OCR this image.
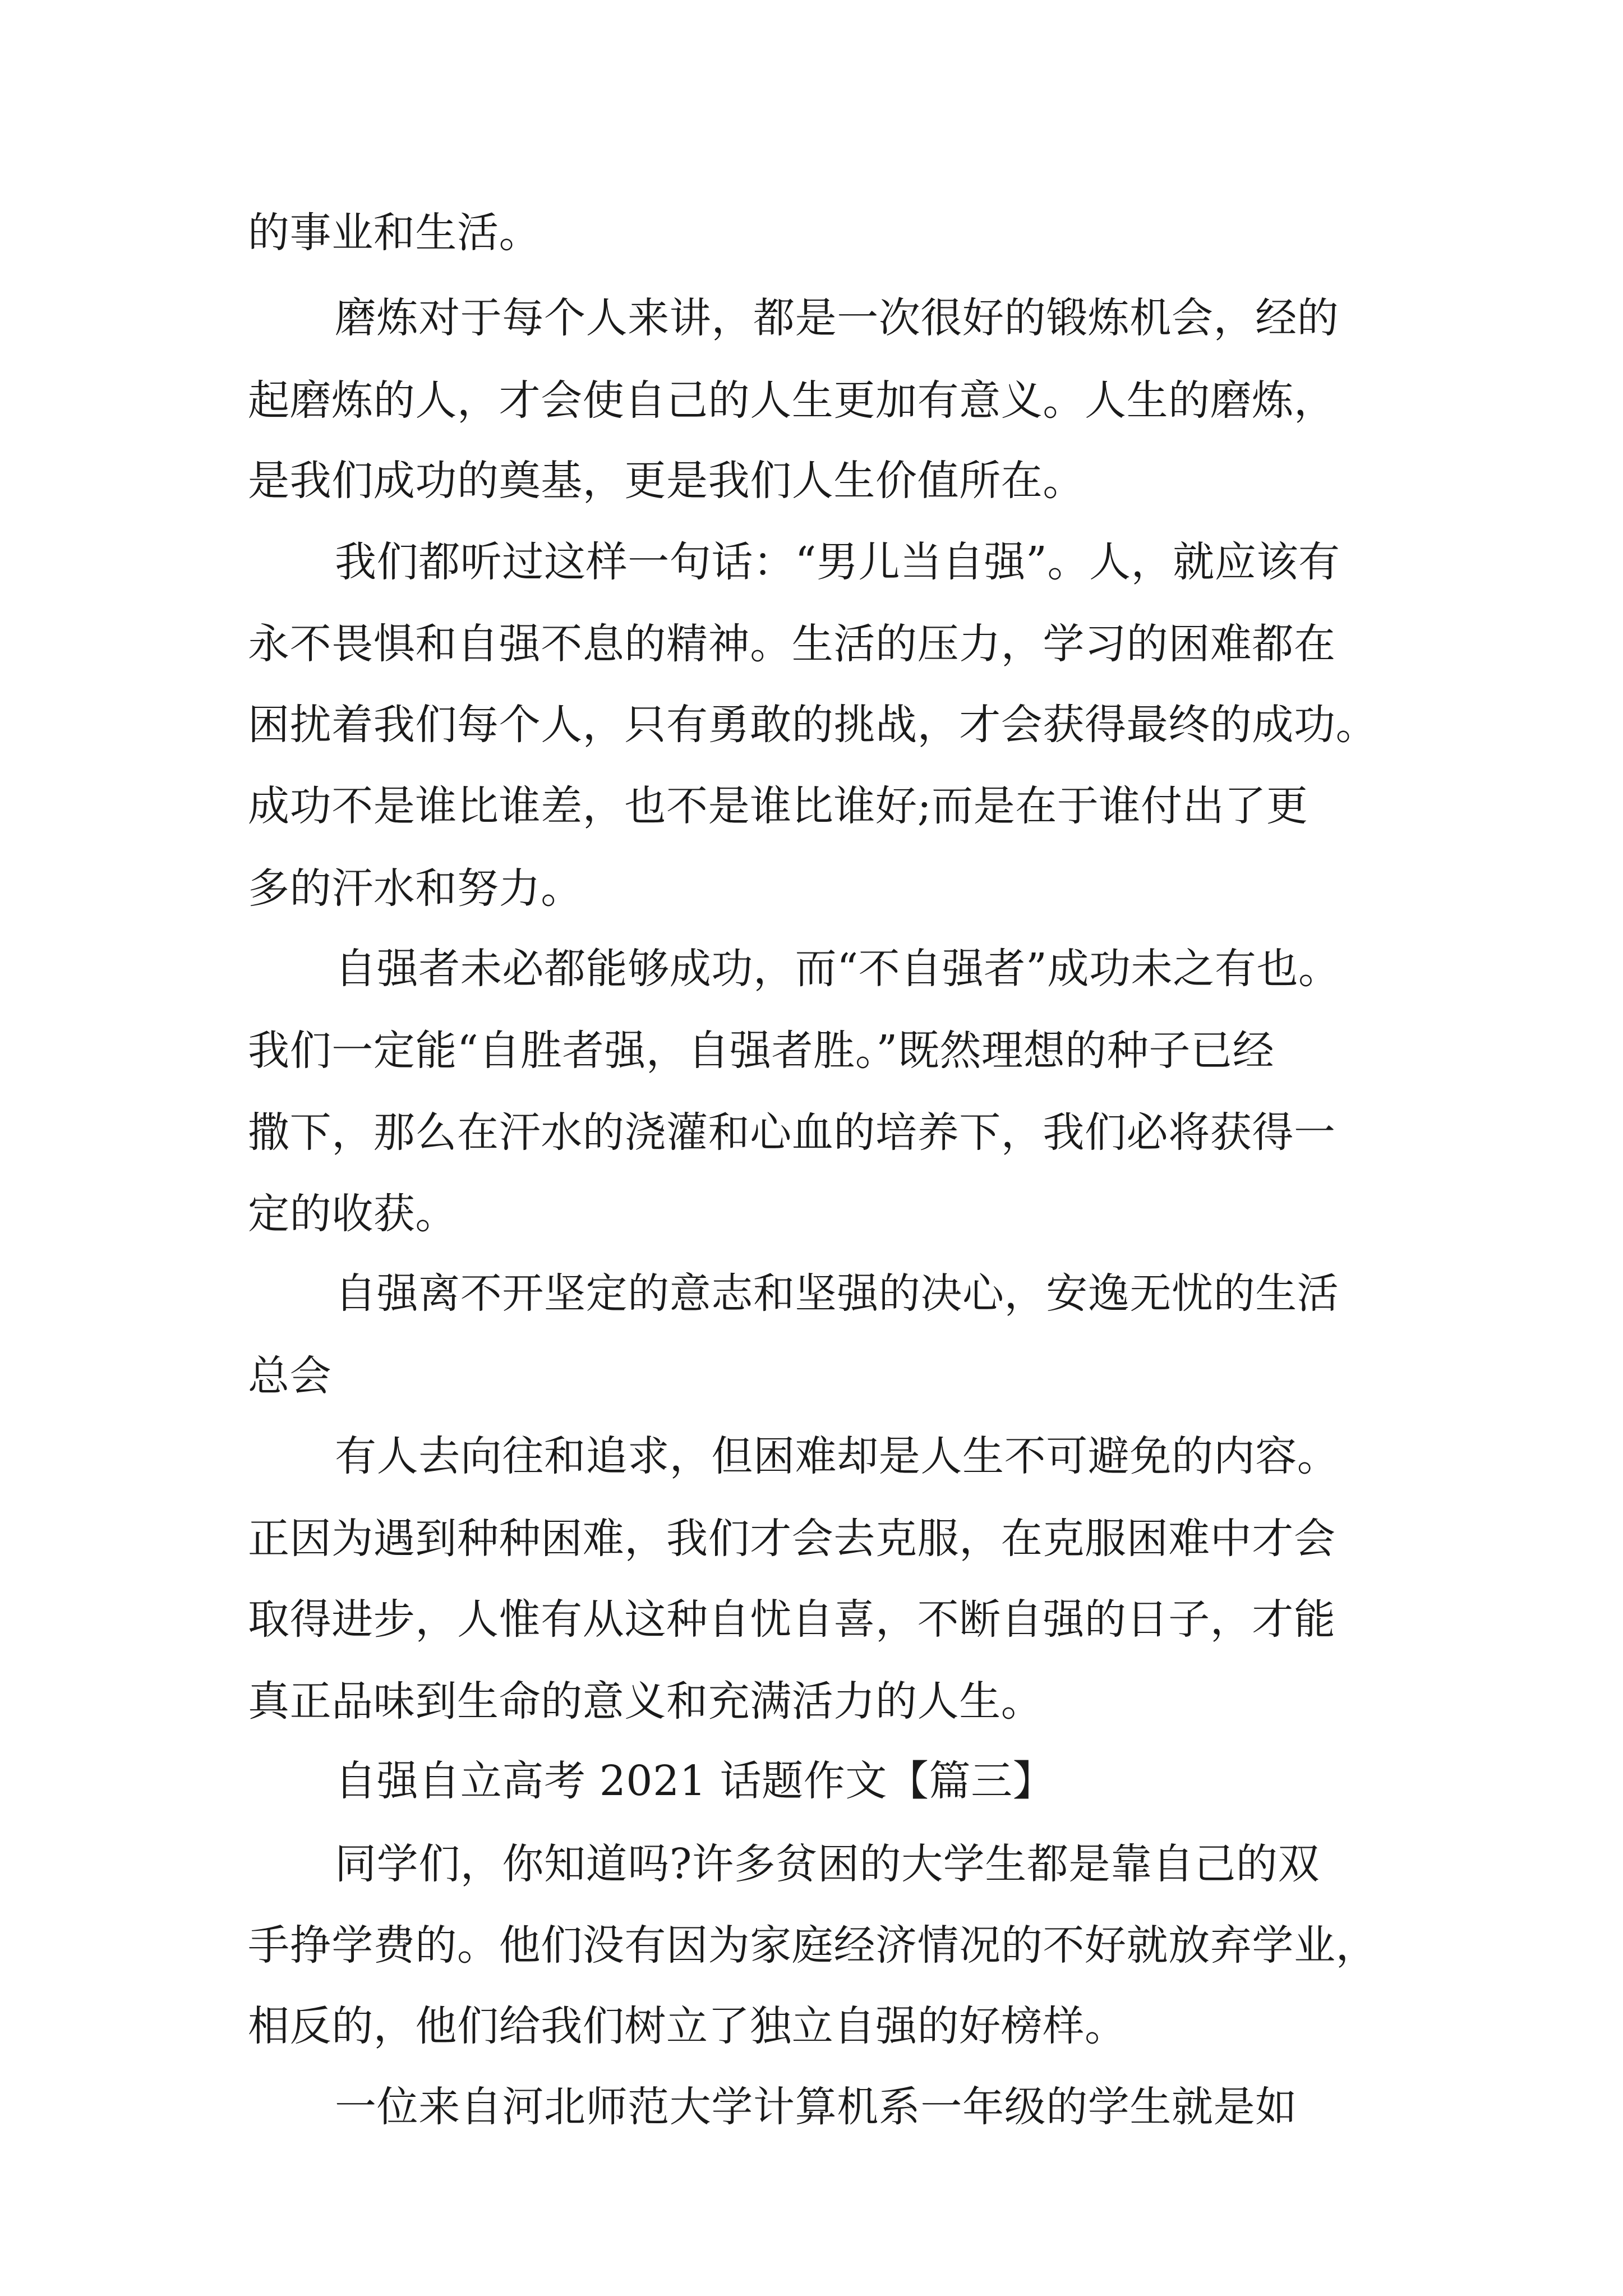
的事业和生活。

磨炼对于每个人来讲，都是一次很好的锻炼机会，经的

起磨炼的人，才会使自己的人生更加有意义。人生的磨炼，

是我们成功的奠基，更是我们人生价值所在。

我们都听过这样一句话：“男儿当自强”。人，就应该有

永不畏惧和自强不息的精神。生活的压力，学习的困难都在

困扰着我们每个人，只有勇敢的挑战，才会获得最终的成功。

成功不是谁比谁差，也不是谁比谁好;而是在于谁付出了更

多的汗水和努力。

自强者未必都能够成功，而“不自强者”成功未之有也。

我们一定能“自胜者强，自强者胜。”既然理想的种子已经

撒下，那么在汗水的浇灌和心血的培养下，我们必将获得一

定的收获。

自强离不开坚定的意志和坚强的决心，安逸无忧的生活

总会

有人去向往和追求，但困难却是人生不可避免的内容。

正因为遇到种种困难，我们才会去克服，在克服困难中才会

取得进步，人惟有从这种自忧自喜，不断自强的日子，才能

真正品味到生命的意义和充满活力的人生。

自强自立高考 2021 话题作文【篇三】

同学们，你知道吗?许多贫困的大学生都是靠自己的双

手挣学费的。他们没有因为家庭经济情况的不好就放弃学业，

相反的，他们给我们树立了独立自强的好榜样。

一位来自河北师范大学计算机系一年级的学生就是如
